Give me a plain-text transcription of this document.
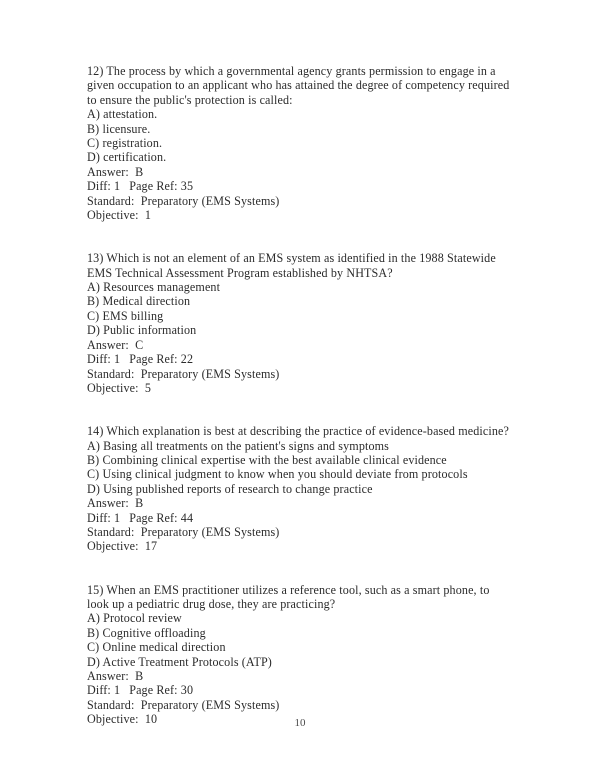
12) The process by which a governmental agency grants permission to engage in a given occupation to an applicant who has attained the degree of competency required to ensure the public's protection is called:
A) attestation.
B) licensure.
C) registration.
D) certification.
Answer:  B
Diff: 1 Page Ref: 35
Standard:  Preparatory (EMS Systems)
Objective:  1

13) Which is not an element of an EMS system as identified in the 1988 Statewide EMS Technical Assessment Program established by NHTSA?
A) Resources management
B) Medical direction
C) EMS billing
D) Public information
Answer:  C
Diff: 1 Page Ref: 22
Standard:  Preparatory (EMS Systems)
Objective:  5

14) Which explanation is best at describing the practice of evidence-based medicine?
A) Basing all treatments on the patient's signs and symptoms
B) Combining clinical expertise with the best available clinical evidence
C) Using clinical judgment to know when you should deviate from protocols
D) Using published reports of research to change practice
Answer:  B
Diff: 1 Page Ref: 44
Standard:  Preparatory (EMS Systems)
Objective:  17

15) When an EMS practitioner utilizes a reference tool, such as a smart phone, to look up a pediatric drug dose, they are practicing?
A) Protocol review
B) Cognitive offloading
C) Online medical direction
D) Active Treatment Protocols (ATP)
Answer:  B
Diff: 1 Page Ref: 30
Standard:  Preparatory (EMS Systems)
Objective:  10	10
